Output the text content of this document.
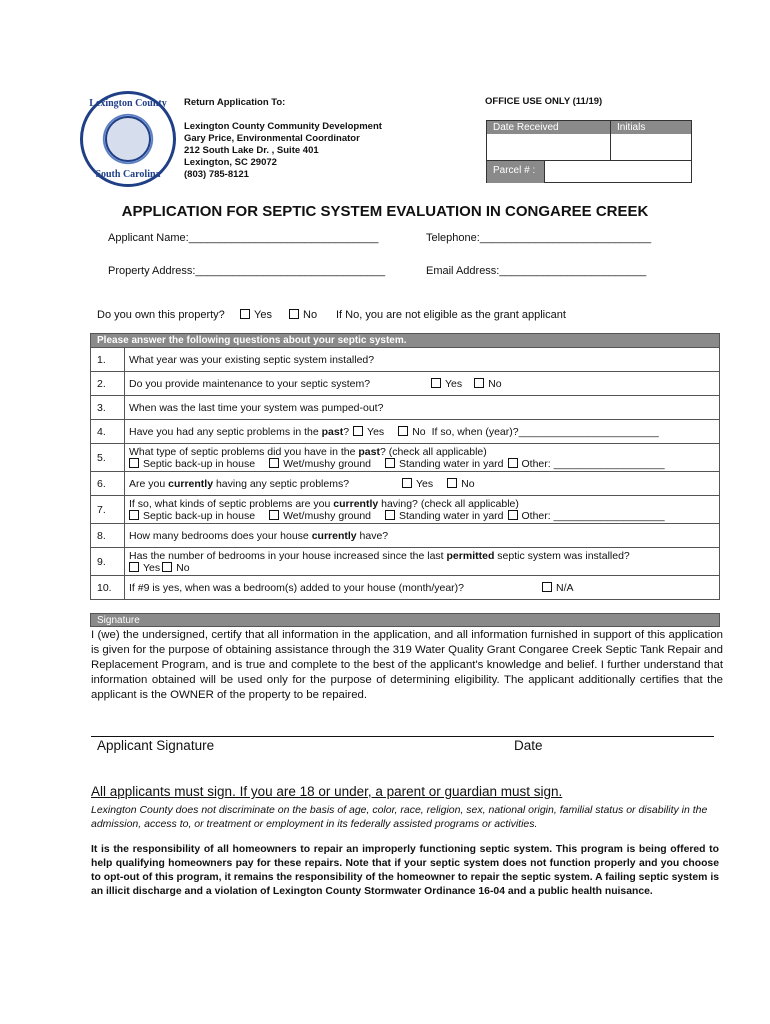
Lexington County
South Carolina
Return Application To:
Lexington County Community Development
Gary Price, Environmental Coordinator
212 South Lake Dr. , Suite 401
Lexington, SC 29072
(803) 785-8121
OFFICE USE ONLY (11/19)
Date Received	Initials
Parcel # :
APPLICATION FOR SEPTIC SYSTEM EVALUATION IN CONGAREE CREEK
Applicant Name:_______________________________	Telephone:____________________________
Property Address:_______________________________	Email Address:________________________
Do you own this property?	Yes	No If No, you are not eligible as the grant applicant
Please answer the following questions about your septic system.	
1.	What year was your existing septic system installed?
2.	Do you provide maintenance to your septic system? Yes No
3.	When was the last time your system was pumped-out?
4.	Have you had any septic problems in the past? Yes No If so, when (year)?________________________
5.	What type of septic problems did you have in the past? (check all applicable)
Septic back-up in house Wet/mushy ground Standing water in yard Other: ___________________

6.	Are you currently having any septic problems? Yes No
7.	If so, what kinds of septic problems are you currently having? (check all applicable)
Septic back-up in house Wet/mushy ground Standing water in yard Other: ___________________

8.	How many bedrooms does your house currently have?
9.	Has the number of bedrooms in your house increased since the last permitted septic system was installed?
Yes No

10.	If #9 is yes, when was a bedroom(s) added to your house (month/year)? N/A
Signature
I (we) the undersigned, certify that all information in the application, and all information furnished in support of this application is given for the purpose of obtaining assistance through the 319 Water Quality Grant Congaree Creek Septic Tank Repair and Replacement Program, and is true and complete to the best of the applicant's knowledge and belief. I further understand that information obtained will be used only for the purpose of determining eligibility. The applicant additionally certifies that the applicant is the OWNER of the property to be repaired.
Applicant Signature	Date
All applicants must sign. If you are 18 or under, a parent or guardian must sign.
Lexington County does not discriminate on the basis of age, color, race, religion, sex, national origin, familial status or disability in the admission, access to, or treatment or employment in its federally assisted programs or activities.
It is the responsibility of all homeowners to repair an improperly functioning septic system. This program is being offered to help qualifying homeowners pay for these repairs. Note that if your septic system does not function properly and you choose to opt-out of this program, it remains the responsibility of the homeowner to repair the septic system. A failing septic system is an illicit discharge and a violation of Lexington County Stormwater Ordinance 16-04 and a public health nuisance.
